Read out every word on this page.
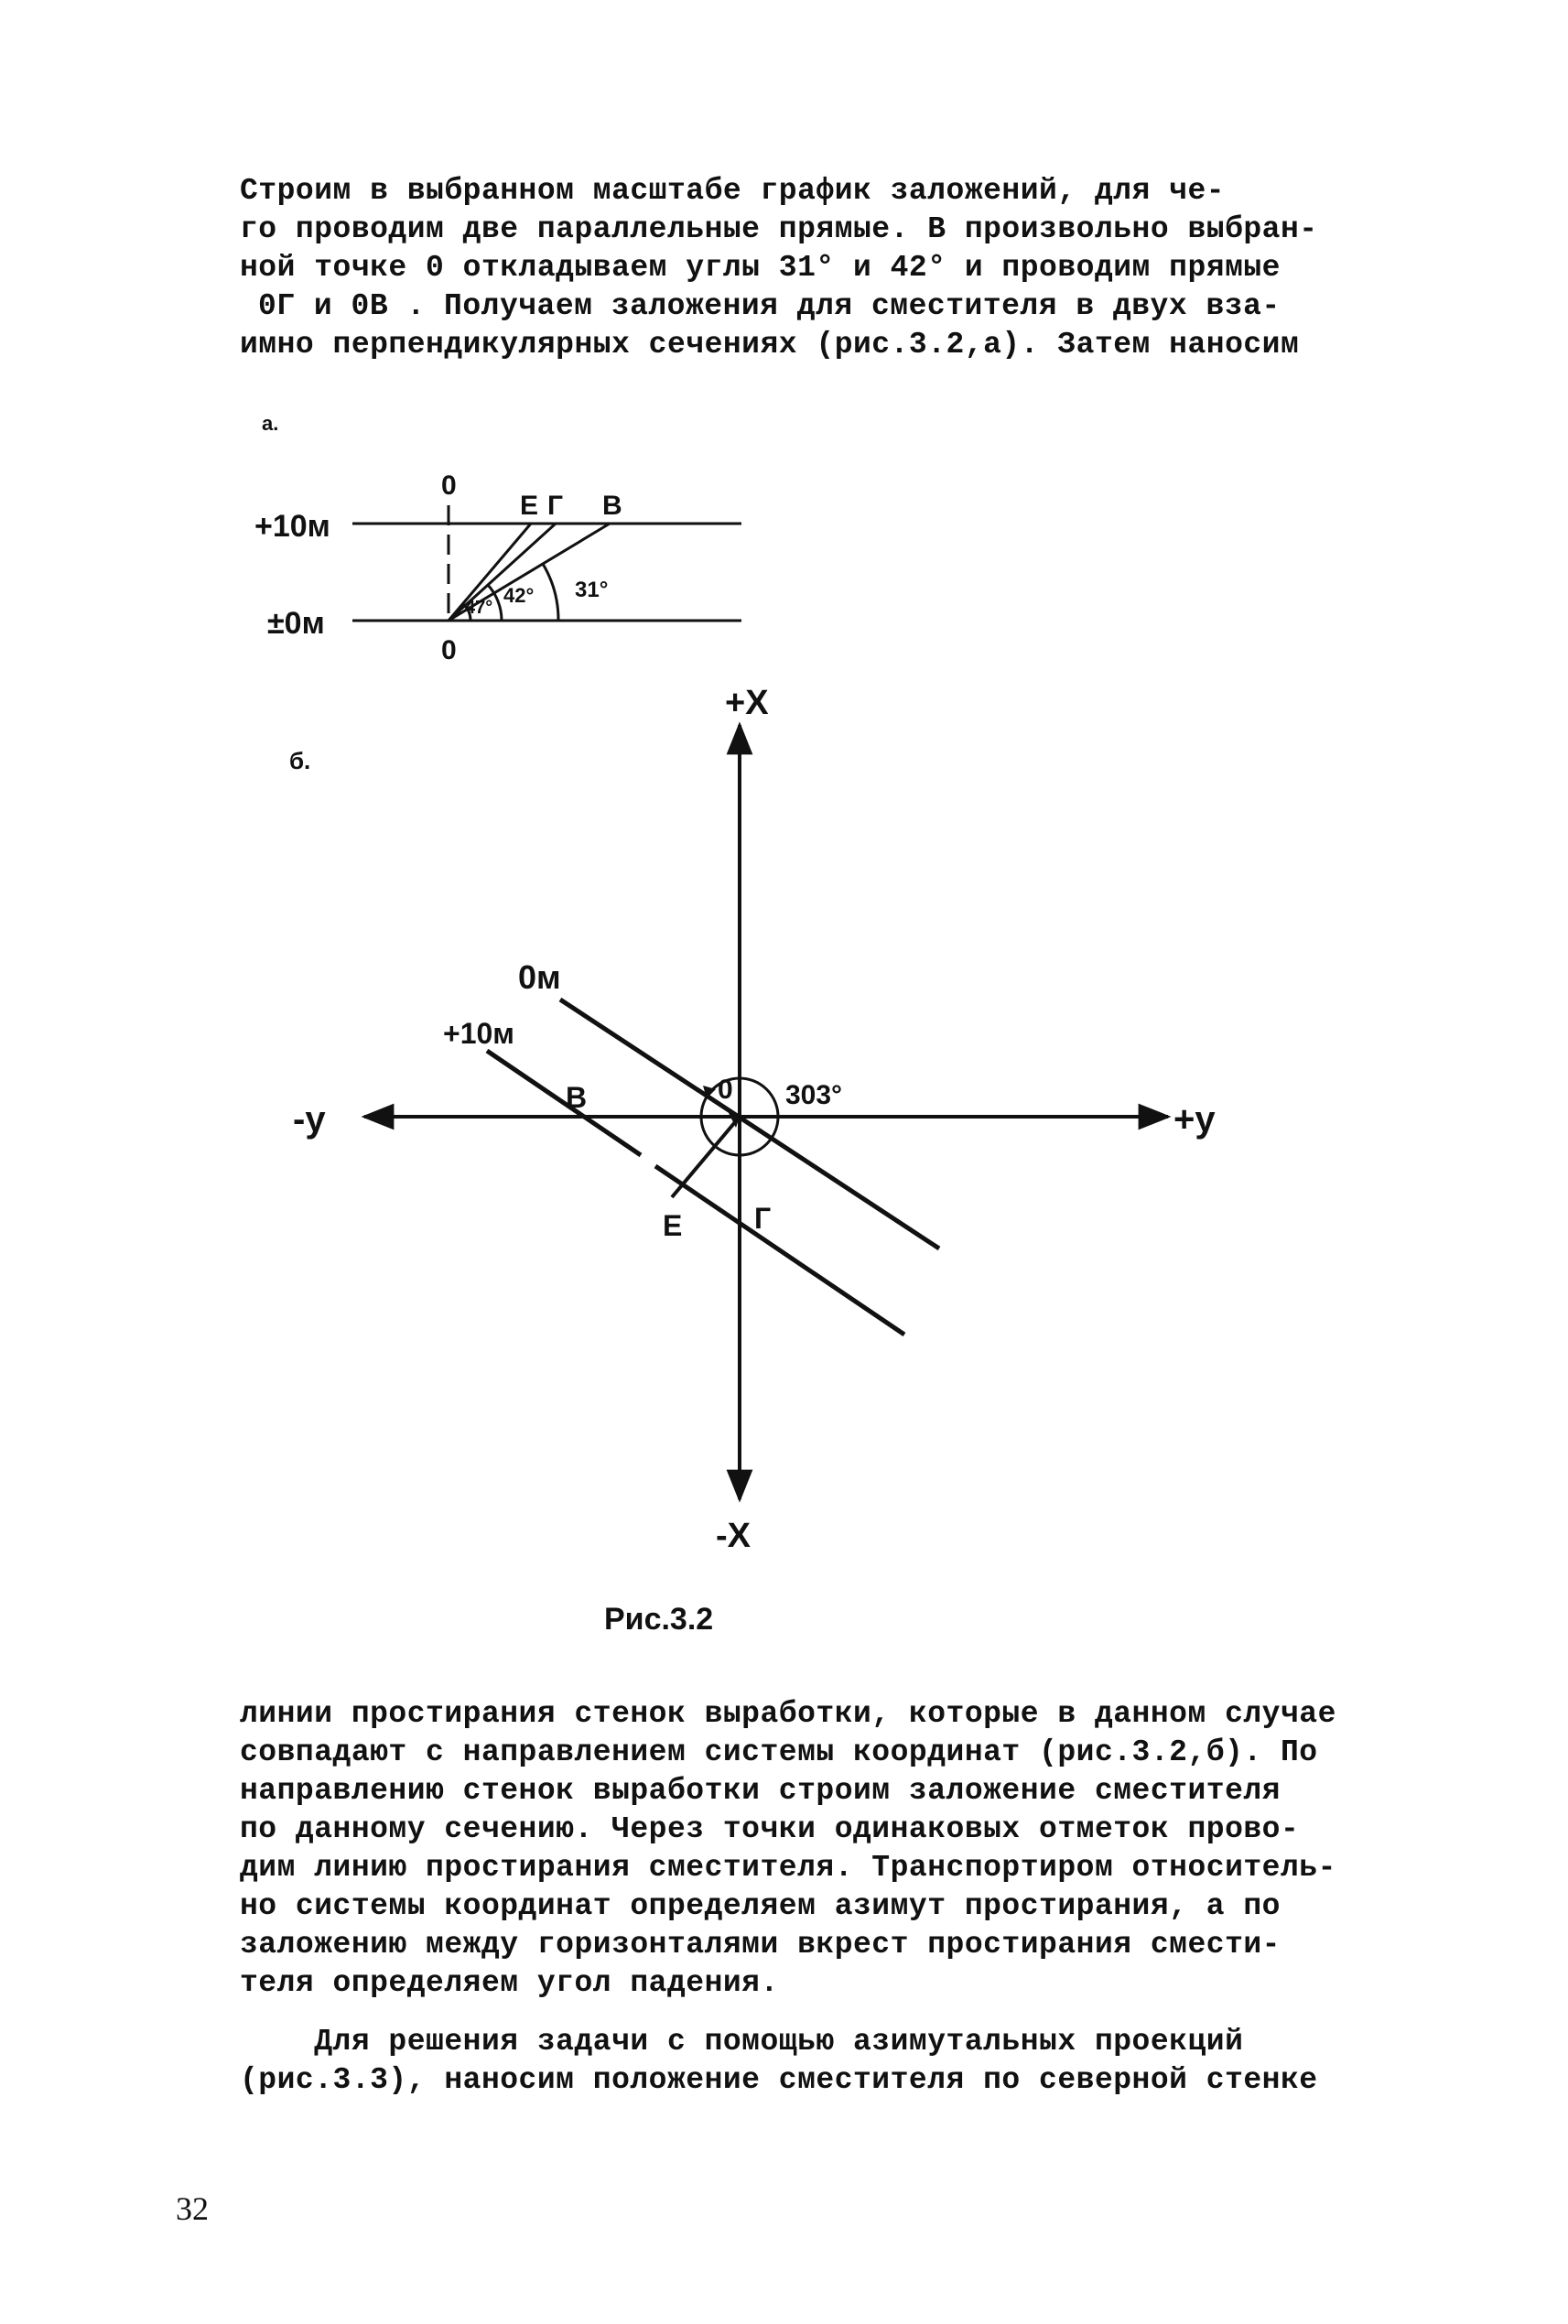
Строим в выбранном масштабе график заложений, для че-
го проводим две параллельные прямые. В произвольно выбран-
ной точке 0 откладываем углы 31° и 42° и проводим прямые
0Г и 0В . Получаем заложения для сместителя в двух вза-
имно перпендикулярных сечениях (рис.3.2,а). Затем наносим
а.
+10м
±0м
0
0
Е Г В
47°
42° 31°
б.
+X
-X
+y
-y
0м
+10м
0 303°
В
Е Г
Рис.3.2
линии простирания стенок выработки, которые в данном случае
совпадают с направлением системы координат (рис.3.2,б). По
направлению стенок выработки строим заложение сместителя
по данному сечению. Через точки одинаковых отметок прово-
дим линию простирания сместителя. Транспортиром относитель-
но системы координат определяем азимут простирания, а по
заложению между горизонталями вкрест простирания смести-
теля определяем угол падения.
Для решения задачи с помощью азимутальных проекций
(рис.3.3), наносим положение сместителя по северной стенке
32
